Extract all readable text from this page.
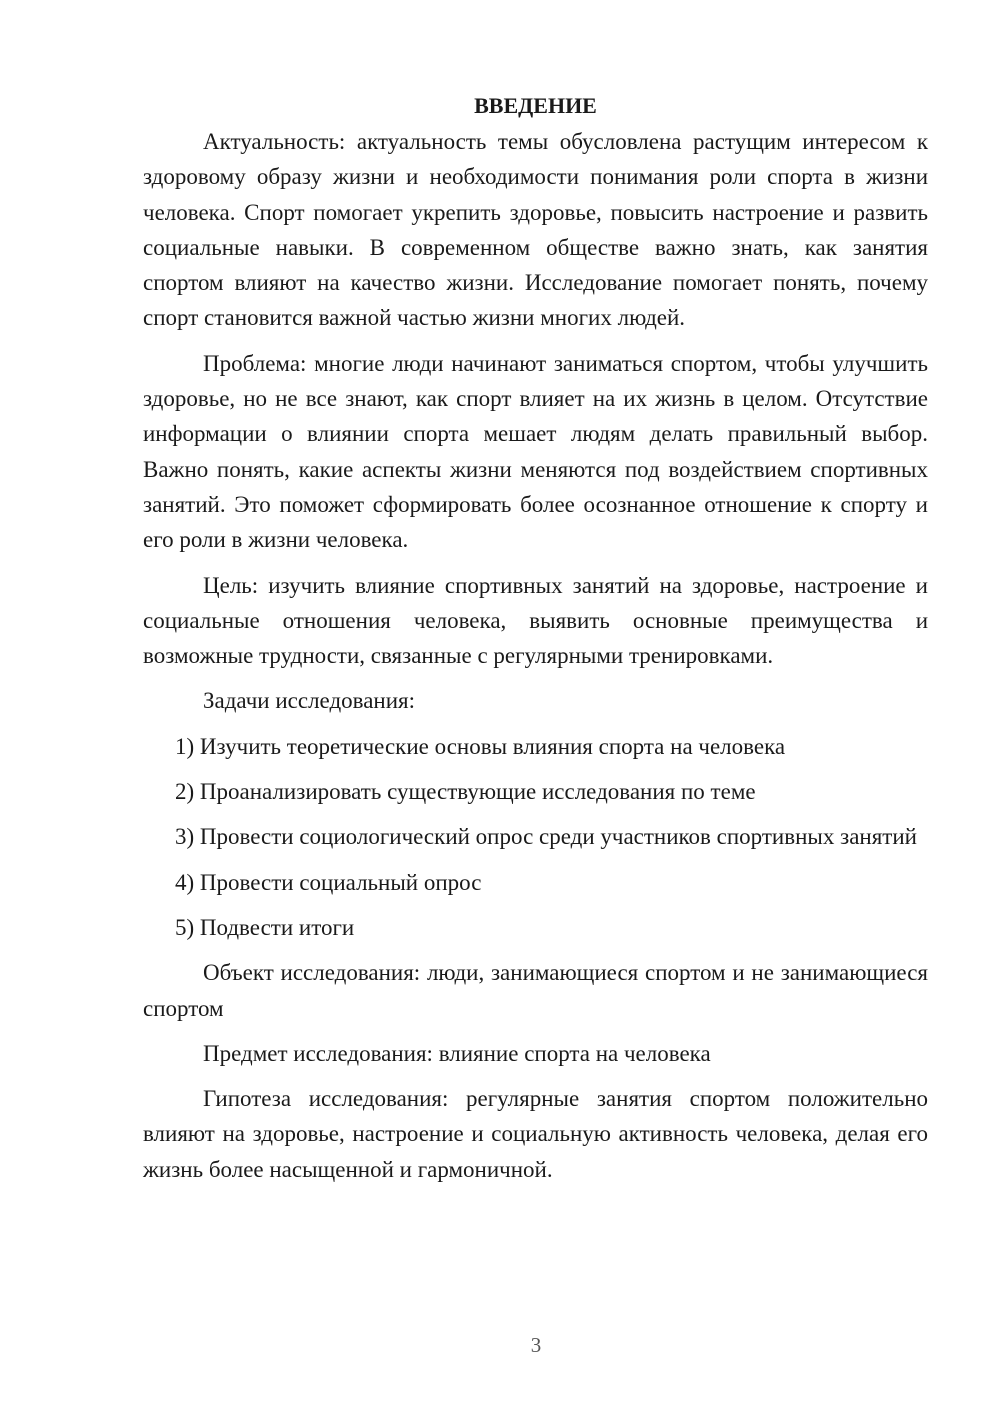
ВВЕДЕНИЕ

Актуальность: актуальность темы обусловлена растущим интересом к здоровому образу жизни и необходимости понимания роли спорта в жизни человека. Спорт помогает укрепить здоровье, повысить настроение и развить социальные навыки. В современном обществе важно знать, как занятия спортом влияют на качество жизни. Исследование помогает понять, почему спорт становится важной частью жизни многих людей.

Проблема: многие люди начинают заниматься спортом, чтобы улучшить здоровье, но не все знают, как спорт влияет на их жизнь в целом. Отсутствие информации о влиянии спорта мешает людям делать правильный выбор. Важно понять, какие аспекты жизни меняются под воздействием спортивных занятий. Это поможет сформировать более осознанное отношение к спорту и его роли в жизни человека.

Цель: изучить влияние спортивных занятий на здоровье, настроение и социальные отношения человека, выявить основные преимущества и возможные трудности, связанные с регулярными тренировками.

Задачи исследования:

1) Изучить теоретические основы влияния спорта на человека

2) Проанализировать существующие исследования по теме

3) Провести социологический опрос среди участников спортивных занятий

4) Провести социальный опрос

5) Подвести итоги

Объект исследования: люди, занимающиеся спортом и не занимающиеся спортом

Предмет исследования: влияние спорта на человека

Гипотеза исследования: регулярные занятия спортом положительно влияют на здоровье, настроение и социальную активность человека, делая его жизнь более насыщенной и гармоничной.

3
